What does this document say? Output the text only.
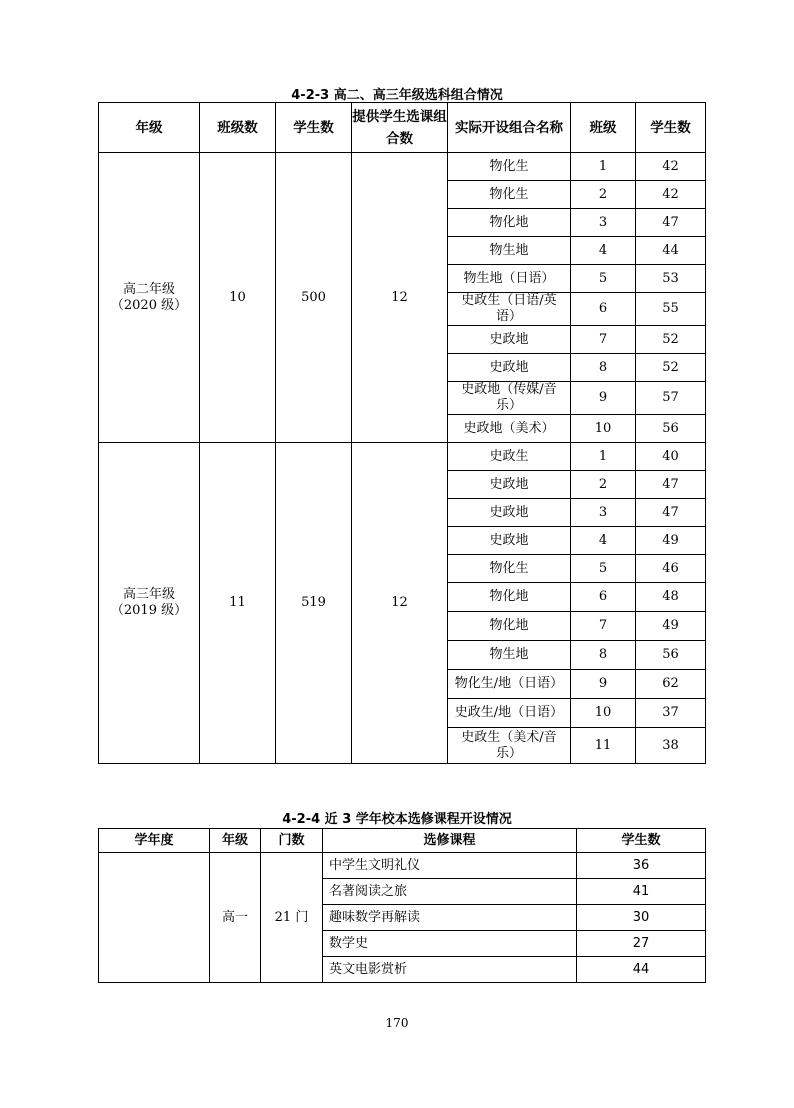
4-2-3 高二、高三年级选科组合情况
年级	班级数	学生数	提供学生选课组合数	实际开设组合名称	班级	学生数

高二年级
（2020 级）	10	500	12	物化生	1	42
				物化生	2	42
				物化地	3	47
				物生地	4	44
				物生地（日语）	5	53
				史政生（日语/英语）	6	55
				史政地	7	52
				史政地	8	52
				史政地（传媒/音乐）	9	57
				史政地（美术）	10	56

高三年级
（2019 级）	11	519	12	史政生	1	40
				史政地	2	47
				史政地	3	47
				史政地	4	49
				物化生	5	46
				物化地	6	48
				物化地	7	49
				物生地	8	56
				物化生/地（日语）	9	62
				史政生/地（日语）	10	37
				史政生（美术/音乐）	11	38
4-2-4 近 3 学年校本选修课程开设情况
学年度	年级	门数	选修课程	学生数
	高一	21 门	中学生文明礼仪	36
			名著阅读之旅	41
			趣味数学再解读	30
			数学史	27
			英文电影赏析	44
170
